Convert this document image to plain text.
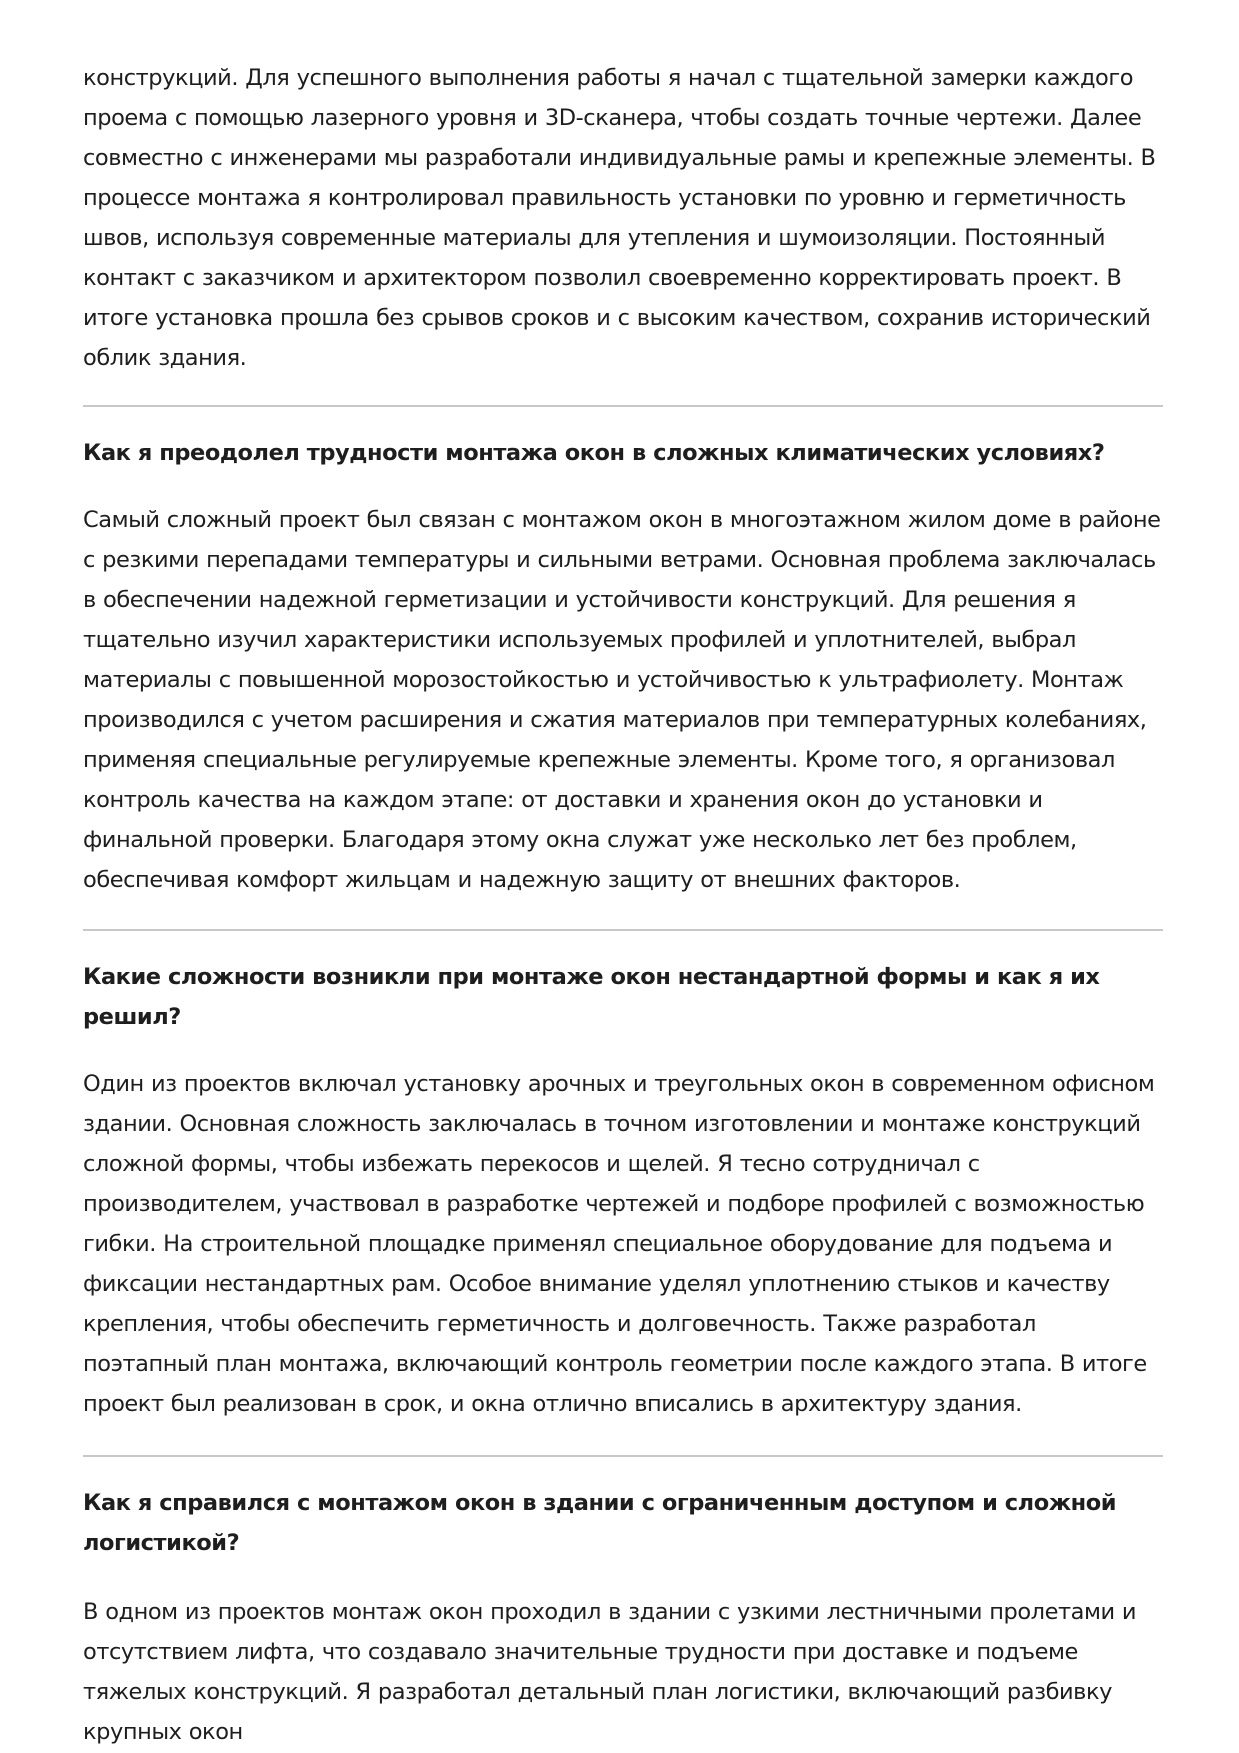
конструкций. Для успешного выполнения работы я начал с тщательной замерки каждого проема с помощью лазерного уровня и 3D-сканера, чтобы создать точные чертежи. Далее совместно с инженерами мы разработали индивидуальные рамы и крепежные элементы. В процессе монтажа я контролировал правильность установки по уровню и герметичность швов, используя современные материалы для утепления и шумоизоляции. Постоянный контакт с заказчиком и архитектором позволил своевременно корректировать проект. В итоге установка прошла без срывов сроков и с высоким качеством, сохранив исторический облик здания.

Как я преодолел трудности монтажа окон в сложных климатических условиях?

Самый сложный проект был связан с монтажом окон в многоэтажном жилом доме в районе с резкими перепадами температуры и сильными ветрами. Основная проблема заключалась в обеспечении надежной герметизации и устойчивости конструкций. Для решения я тщательно изучил характеристики используемых профилей и уплотнителей, выбрал материалы с повышенной морозостойкостью и устойчивостью к ультрафиолету. Монтаж производился с учетом расширения и сжатия материалов при температурных колебаниях, применяя специальные регулируемые крепежные элементы. Кроме того, я организовал контроль качества на каждом этапе: от доставки и хранения окон до установки и финальной проверки. Благодаря этому окна служат уже несколько лет без проблем, обеспечивая комфорт жильцам и надежную защиту от внешних факторов.

Какие сложности возникли при монтаже окон нестандартной формы и как я их решил?

Один из проектов включал установку арочных и треугольных окон в современном офисном здании. Основная сложность заключалась в точном изготовлении и монтаже конструкций сложной формы, чтобы избежать перекосов и щелей. Я тесно сотрудничал с производителем, участвовал в разработке чертежей и подборе профилей с возможностью гибки. На строительной площадке применял специальное оборудование для подъема и фиксации нестандартных рам. Особое внимание уделял уплотнению стыков и качеству крепления, чтобы обеспечить герметичность и долговечность. Также разработал поэтапный план монтажа, включающий контроль геометрии после каждого этапа. В итоге проект был реализован в срок, и окна отлично вписались в архитектуру здания.

Как я справился с монтажом окон в здании с ограниченным доступом и сложной логистикой?

В одном из проектов монтаж окон проходил в здании с узкими лестничными пролетами и отсутствием лифта, что создавало значительные трудности при доставке и подъеме тяжелых конструкций. Я разработал детальный план логистики, включающий разбивку крупных окон
